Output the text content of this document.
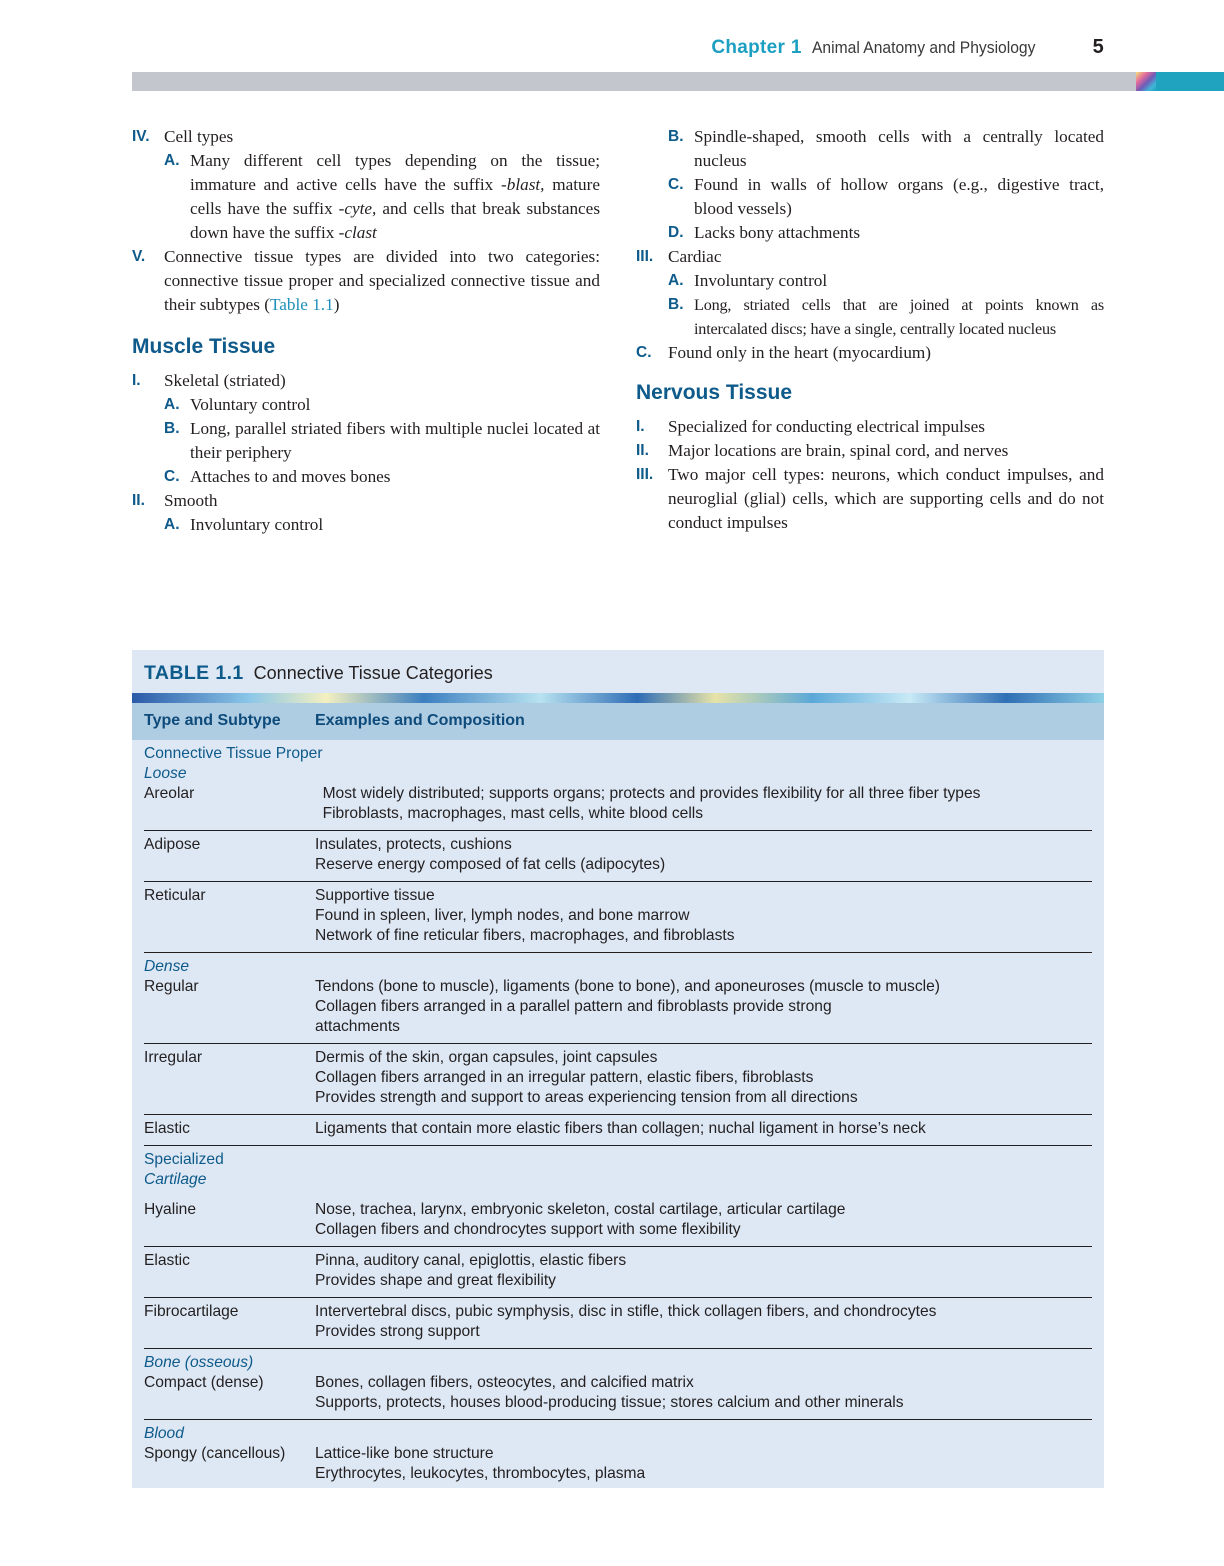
Chapter 1 Animal Anatomy and Physiology	5
IV. Cell types
A. Many different cell types depending on the tissue; immature and active cells have the suffix -blast, mature cells have the suffix -cyte, and cells that break substances down have the suffix -clast
V.	Connective tissue types are divided into two categories: connective tissue proper and specialized connective tissue and their subtypes (Table 1.1)
Muscle Tissue
I.	Skeletal (striated)
A. Voluntary control
B. Long, parallel striated fibers with multiple nuclei located at their periphery
C. Attaches to and moves bones
II.	Smooth
A. Involuntary control
B. Spindle-shaped, smooth cells with a centrally located nucleus
C. Found in walls of hollow organs (e.g., digestive tract, blood vessels)
D. Lacks bony attachments
III. Cardiac
A. Involuntary control
B. Long, striated cells that are joined at points known as intercalated discs; have a single, centrally located nucleus
C. Found only in the heart (myocardium)
Nervous Tissue
I.	Specialized for conducting electrical impulses
II.	Major locations are brain, spinal cord, and nerves
III. Two major cell types: neurons, which conduct impulses, and neuroglial (glial) cells, which are supporting cells and do not conduct impulses
TABLE 1.1 Connective Tissue Categories
Type and Subtype Examples and Composition
Connective Tissue Proper
Loose
Areolar

	Most widely distributed; supports organs; protects and provides flexibility for all three fiber types
Fibroblasts, macrophages, mast cells, white blood cells
Adipose	Insulates, protects, cushions
Reserve energy composed of fat cells (adipocytes)
Reticular	Supportive tissue
Found in spleen, liver, lymph nodes, and bone marrow
Network of fine reticular fibers, macrophages, and fibroblasts
Dense
Regular
	Tendons (bone to muscle), ligaments (bone to bone), and aponeuroses (muscle to muscle)
Collagen fibers arranged in a parallel pattern and fibroblasts provide strong
attachments
Irregular	Dermis of the skin, organ capsules, joint capsules
Collagen fibers arranged in an irregular pattern, elastic fibers, fibroblasts
Provides strength and support to areas experiencing tension from all directions
Elastic	Ligaments that contain more elastic fibers than collagen; nuchal ligament in horse’s neck
Specialized
Cartilage
Hyaline

	Nose, trachea, larynx, embryonic skeleton, costal cartilage, articular cartilage
Collagen fibers and chondrocytes support with some flexibility
Elastic	Pinna, auditory canal, epiglottis, elastic fibers
Provides shape and great flexibility
Fibrocartilage	Intervertebral discs, pubic symphysis, disc in stifle, thick collagen fibers, and chondrocytes
Provides strong support
Bone (osseous)
Compact (dense)
	Bones, collagen fibers, osteocytes, and calcified matrix
Supports, protects, houses blood-producing tissue; stores calcium and other minerals
Blood
Spongy (cancellous)
	Lattice-like bone structure
Erythrocytes, leukocytes, thrombocytes, plasma
